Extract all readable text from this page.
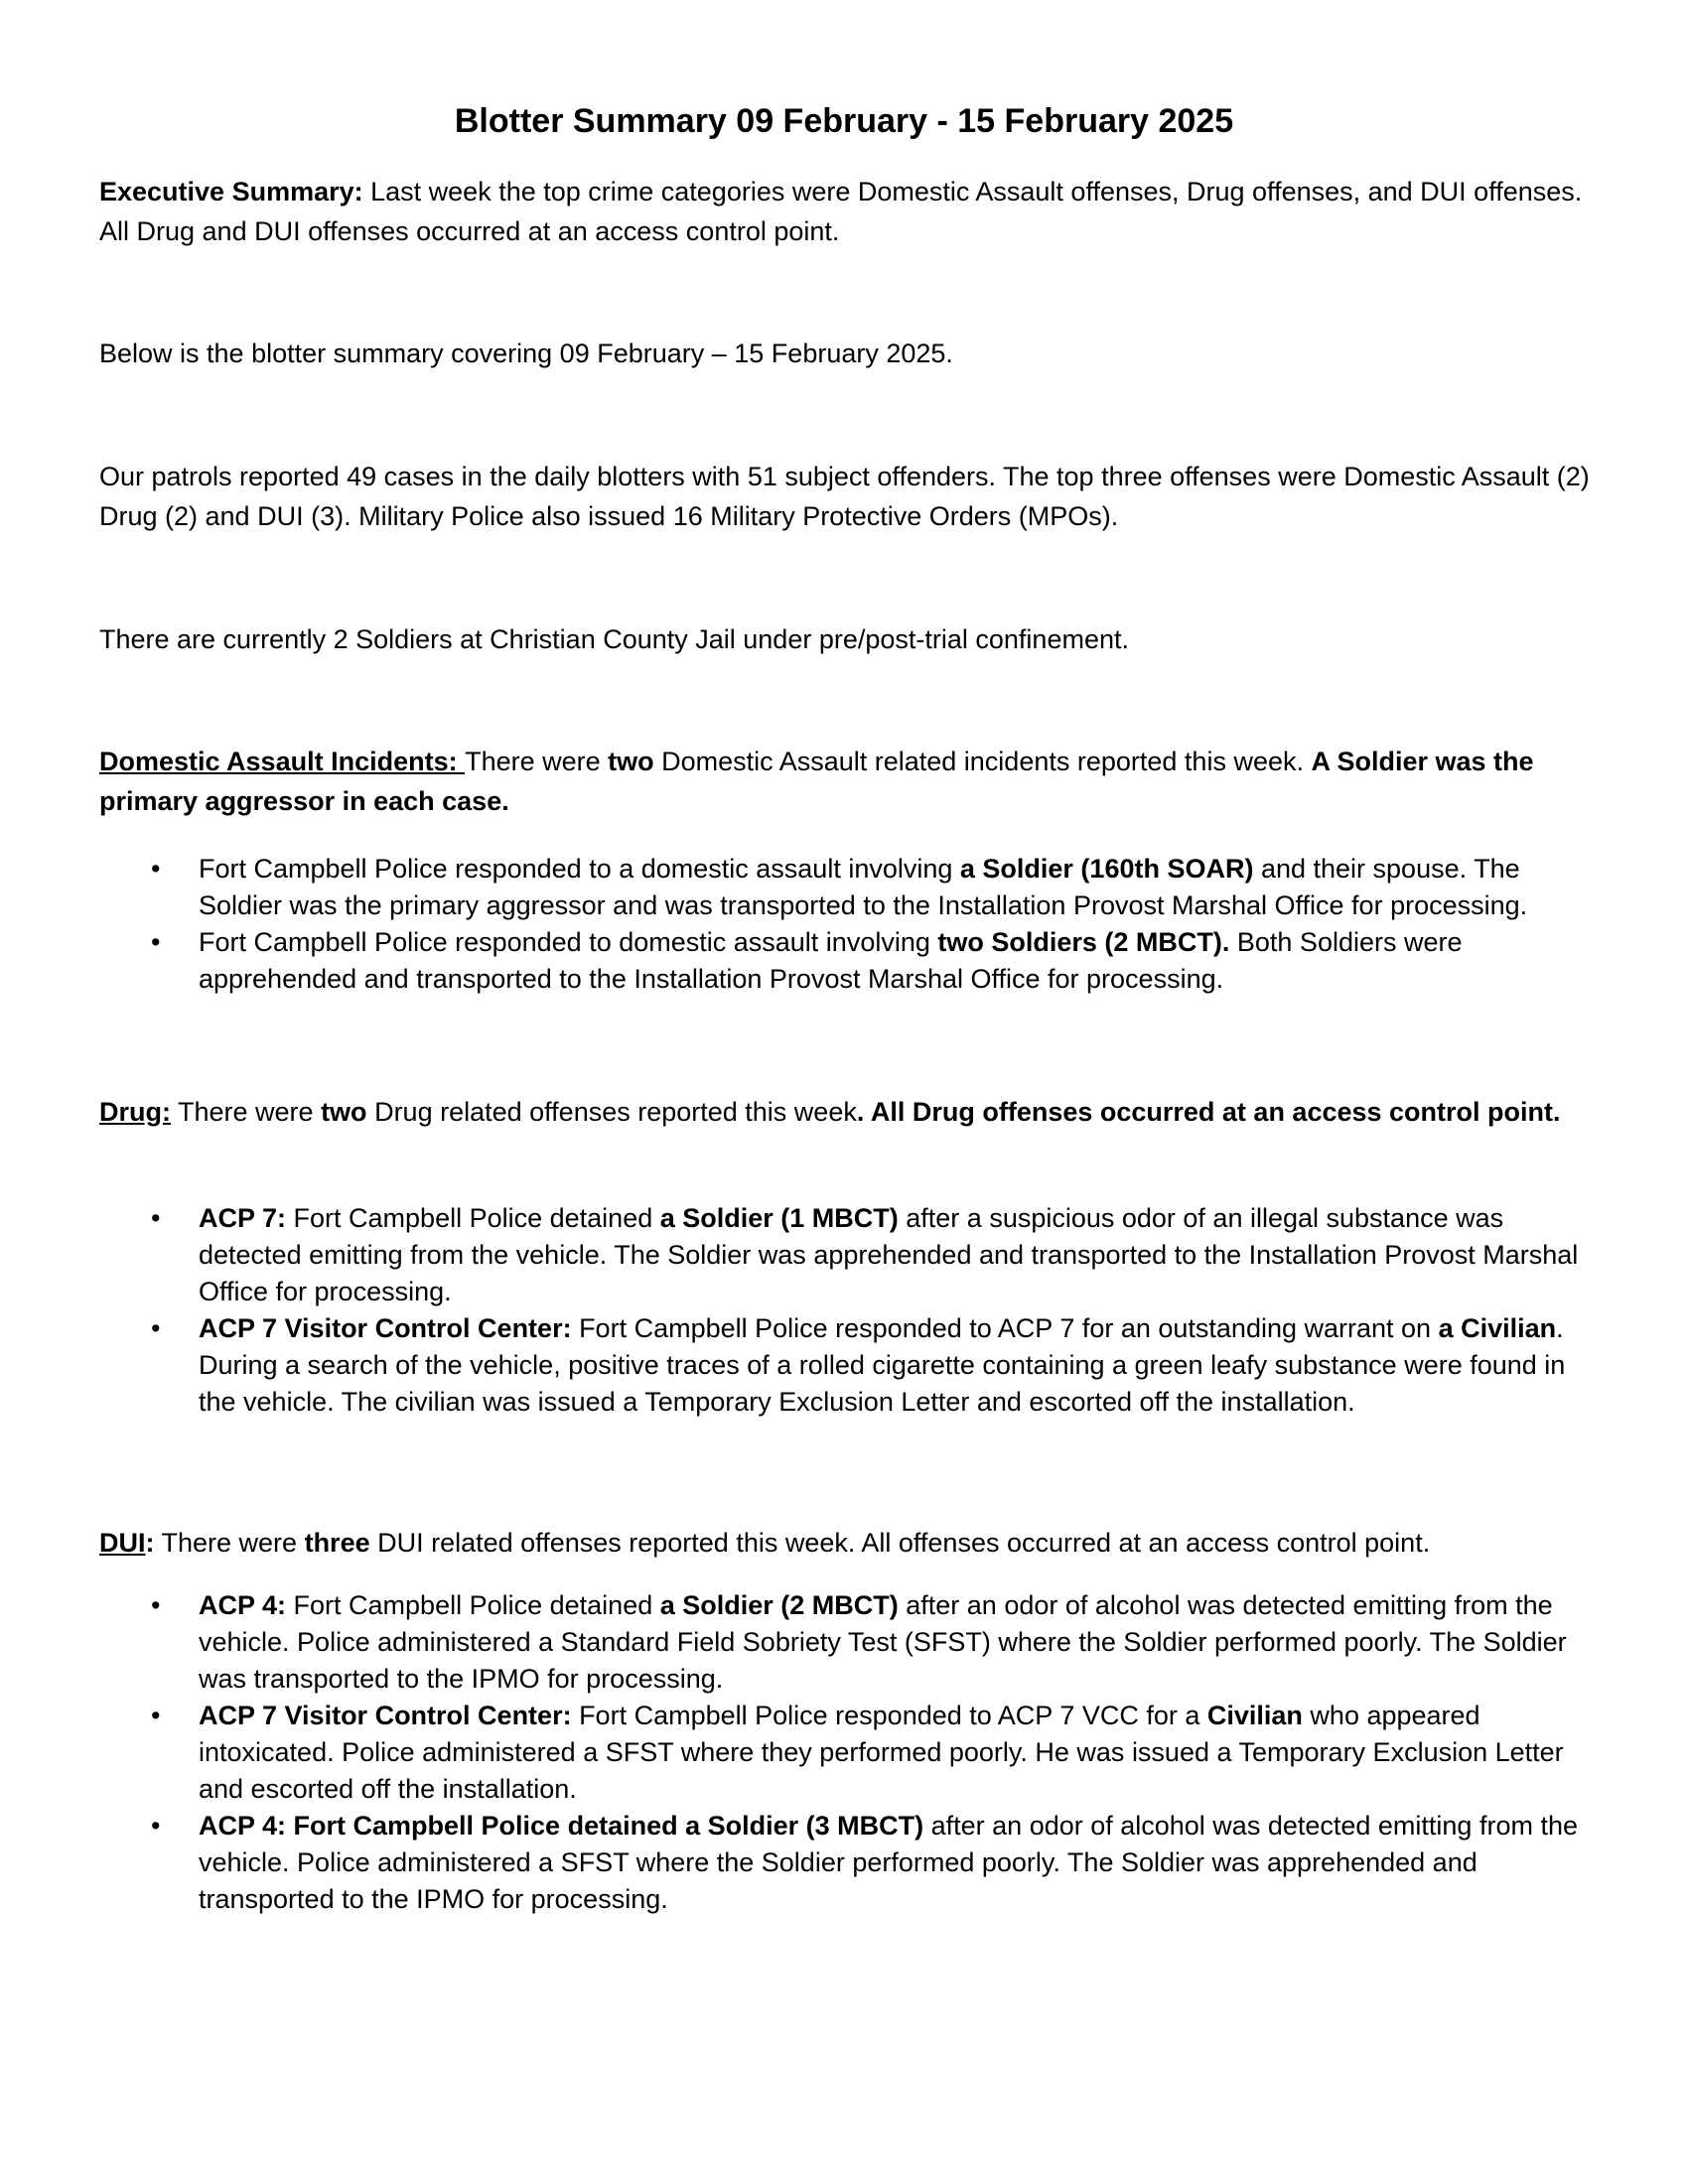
Blotter Summary 09 February - 15 February 2025

Executive Summary: Last week the top crime categories were Domestic Assault offenses, Drug offenses, and DUI offenses. All Drug and DUI offenses occurred at an access control point.

Below is the blotter summary covering 09 February – 15 February 2025.

Our patrols reported 49 cases in the daily blotters with 51 subject offenders. The top three offenses were Domestic Assault (2) Drug (2) and DUI (3). Military Police also issued 16 Military Protective Orders (MPOs).

There are currently 2 Soldiers at Christian County Jail under pre/post-trial confinement.

Domestic Assault Incidents: There were two Domestic Assault related incidents reported this week. A Soldier was the primary aggressor in each case.

• Fort Campbell Police responded to a domestic assault involving a Soldier (160th SOAR) and their spouse. The Soldier was the primary aggressor and was transported to the Installation Provost Marshal Office for processing.
• Fort Campbell Police responded to domestic assault involving two Soldiers (2 MBCT). Both Soldiers were apprehended and transported to the Installation Provost Marshal Office for processing.

Drug: There were two Drug related offenses reported this week. All Drug offenses occurred at an access control point.

• ACP 7: Fort Campbell Police detained a Soldier (1 MBCT) after a suspicious odor of an illegal substance was detected emitting from the vehicle. The Soldier was apprehended and transported to the Installation Provost Marshal Office for processing.
• ACP 7 Visitor Control Center: Fort Campbell Police responded to ACP 7 for an outstanding warrant on a Civilian. During a search of the vehicle, positive traces of a rolled cigarette containing a green leafy substance were found in the vehicle. The civilian was issued a Temporary Exclusion Letter and escorted off the installation.

DUI: There were three DUI related offenses reported this week. All offenses occurred at an access control point.

• ACP 4: Fort Campbell Police detained a Soldier (2 MBCT) after an odor of alcohol was detected emitting from the vehicle. Police administered a Standard Field Sobriety Test (SFST) where the Soldier performed poorly. The Soldier was transported to the IPMO for processing.
• ACP 7 Visitor Control Center: Fort Campbell Police responded to ACP 7 VCC for a Civilian who appeared intoxicated. Police administered a SFST where they performed poorly. He was issued a Temporary Exclusion Letter and escorted off the installation.
• ACP 4: Fort Campbell Police detained a Soldier (3 MBCT) after an odor of alcohol was detected emitting from the vehicle. Police administered a SFST where the Soldier performed poorly. The Soldier was apprehended and transported to the IPMO for processing.
